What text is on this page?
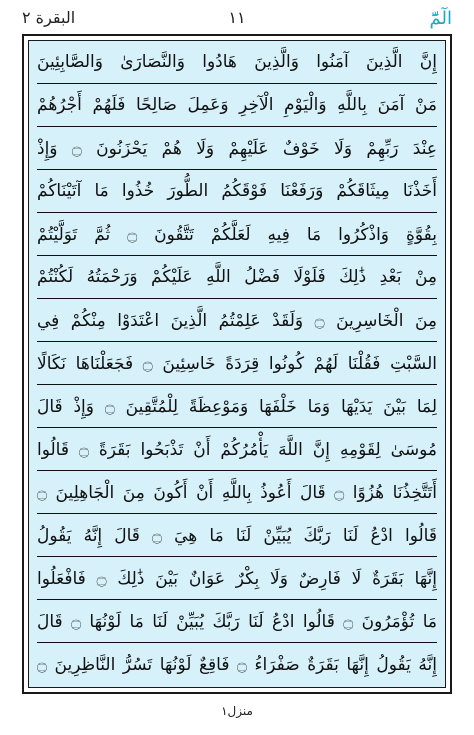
البقرة ٢	١١	الٓمّٓ
إِنَّ الَّذِينَ آمَنُوا وَالَّذِينَ هَادُوا وَالنَّصَارَىٰ وَالصَّابِئِينَ
مَنْ آمَنَ بِاللَّهِ وَالْيَوْمِ الْآخِرِ وَعَمِلَ صَالِحًا فَلَهُمْ أَجْرُهُمْ
عِنْدَ رَبِّهِمْ وَلَا خَوْفٌ عَلَيْهِمْ وَلَا هُمْ يَحْزَنُونَ ۝ وَإِذْ
أَخَذْنَا مِيثَاقَكُمْ وَرَفَعْنَا فَوْقَكُمُ الطُّورَ خُذُوا مَا آتَيْنَاكُمْ
بِقُوَّةٍ وَاذْكُرُوا مَا فِيهِ لَعَلَّكُمْ تَتَّقُونَ ۝ ثُمَّ تَوَلَّيْتُمْ
مِنْ بَعْدِ ذَٰلِكَ فَلَوْلَا فَضْلُ اللَّهِ عَلَيْكُمْ وَرَحْمَتُهُ لَكُنْتُمْ
مِنَ الْخَاسِرِينَ ۝ وَلَقَدْ عَلِمْتُمُ الَّذِينَ اعْتَدَوْا مِنْكُمْ فِي
السَّبْتِ فَقُلْنَا لَهُمْ كُونُوا قِرَدَةً خَاسِئِينَ ۝ فَجَعَلْنَاهَا نَكَالًا
لِمَا بَيْنَ يَدَيْهَا وَمَا خَلْفَهَا وَمَوْعِظَةً لِلْمُتَّقِينَ ۝ وَإِذْ قَالَ
مُوسَىٰ لِقَوْمِهِ إِنَّ اللَّهَ يَأْمُرُكُمْ أَنْ تَذْبَحُوا بَقَرَةً ۝ قَالُوا
أَتَتَّخِذُنَا هُزُوًا ۝ قَالَ أَعُوذُ بِاللَّهِ أَنْ أَكُونَ مِنَ الْجَاهِلِينَ ۝
قَالُوا ادْعُ لَنَا رَبَّكَ يُبَيِّنْ لَنَا مَا هِيَ ۝ قَالَ إِنَّهُ يَقُولُ
إِنَّهَا بَقَرَةٌ لَا فَارِضٌ وَلَا بِكْرٌ عَوَانٌ بَيْنَ ذَٰلِكَ ۝ فَافْعَلُوا
مَا تُؤْمَرُونَ ۝ قَالُوا ادْعُ لَنَا رَبَّكَ يُبَيِّنْ لَنَا مَا لَوْنُهَا ۝ قَالَ
إِنَّهُ يَقُولُ إِنَّهَا بَقَرَةٌ صَفْرَاءُ ۝ فَاقِعٌ لَوْنُهَا تَسُرُّ النَّاظِرِينَ ۝
منزل١
